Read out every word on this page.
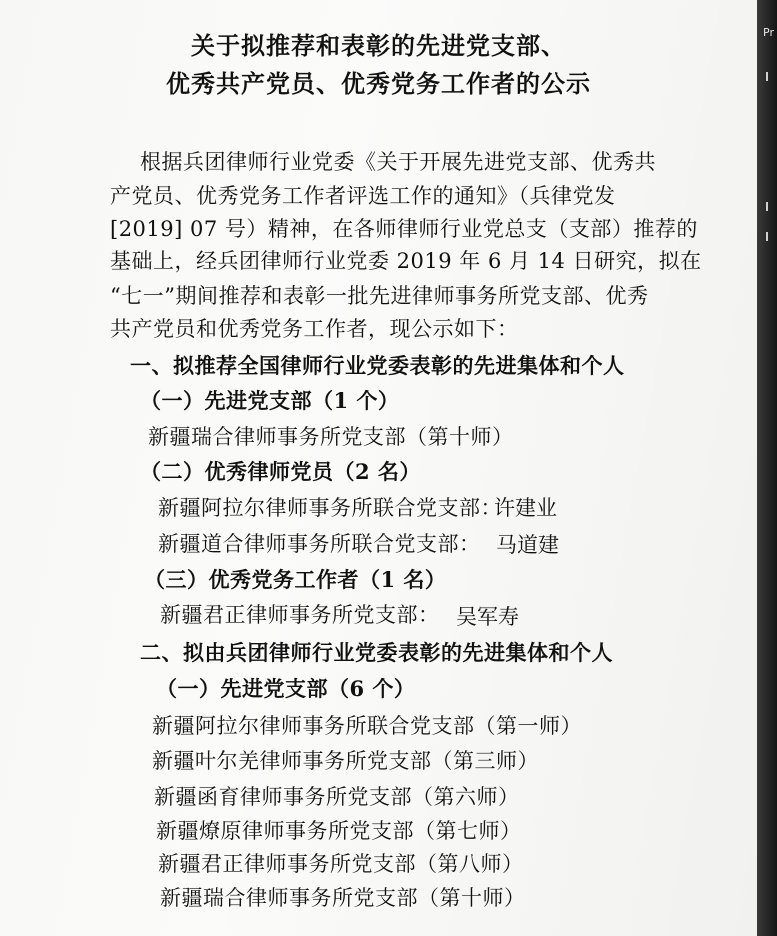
关于拟推荐和表彰的先进党支部、
优秀共产党员、优秀党务工作者的公示
根据兵团律师行业党委《关于开展先进党支部、优秀共
产党员、优秀党务工作者评选工作的通知》（兵律党发
[2019] 07 号）精神，在各师律师行业党总支（支部）推荐的
基础上，经兵团律师行业党委 2019 年 6 月 14 日研究，拟在
“七一”期间推荐和表彰一批先进律师事务所党支部、优秀
共产党员和优秀党务工作者，现公示如下：
一、拟推荐全国律师行业党委表彰的先进集体和个人
（一）先进党支部（1 个）
新疆瑞合律师事务所党支部（第十师）
（二）优秀律师党员（2 名）
新疆阿拉尔律师事务所联合党支部：
许建业
新疆道合律师事务所联合党支部： 马道建
（三）优秀党务工作者（1 名）
新疆君正律师事务所党支部： 吴军寿
二、拟由兵团律师行业党委表彰的先进集体和个人
（一）先进党支部（6 个）
新疆阿拉尔律师事务所联合党支部（第一师）
新疆叶尔羌律师事务所党支部（第三师）
新疆函育律师事务所党支部（第六师）
新疆燎原律师事务所党支部（第七师）
新疆君正律师事务所党支部（第八师）
新疆瑞合律师事务所党支部（第十师）
Pr
